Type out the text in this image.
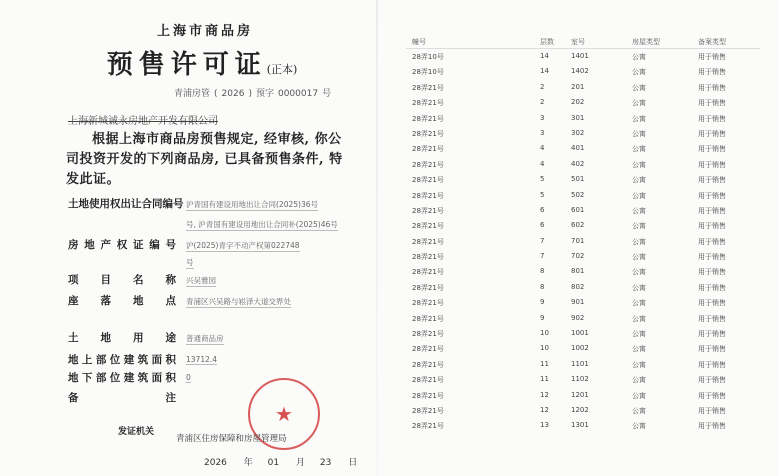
上海市商品房
预售许可证(正本)
青浦房管 ( 2026 ) 预字 0000017 号
上海新城诚永房地产开发有限公司
根据上海市商品房预售规定, 经审核, 你公司投资开发的下列商品房, 已具备预售条件, 特发此证。
土地使用权出让合同编号 沪青国有建设用地出让合同(2025)36号
号, 沪青国有建设用地出让合同补(2025)46号
房地产权证编号 沪(2025)青字不动产权第022748
号
项目名称 兴吴雅园
座落地点 青浦区兴吴路与崧泽大道交界处
土地用途 普通商品房
地上部位建筑面积 13712.4
地下部位建筑面积 0
备注
★
发证机关
青浦区住房保障和房屋管理局
2026 年 01 月 23 日
幢号	层数 室号	房屋类型	备案类型
28弄10号	14	1401	公寓	用于销售
28弄10号	14	1402	公寓	用于销售
28弄21号	2	201	公寓	用于销售
28弄21号	2	202	公寓	用于销售
28弄21号	3	301	公寓	用于销售
28弄21号	3	302	公寓	用于销售
28弄21号	4	401	公寓	用于销售
28弄21号	4	402	公寓	用于销售
28弄21号	5	501	公寓	用于销售
28弄21号	5	502	公寓	用于销售
28弄21号	6	601	公寓	用于销售
28弄21号	6	602	公寓	用于销售
28弄21号	7	701	公寓	用于销售
28弄21号	7	702	公寓	用于销售
28弄21号	8	801	公寓	用于销售
28弄21号	8	802	公寓	用于销售
28弄21号	9	901	公寓	用于销售
28弄21号	9	902	公寓	用于销售
28弄21号	10	1001	公寓	用于销售
28弄21号	10	1002	公寓	用于销售
28弄21号	11	1101	公寓	用于销售
28弄21号	11	1102	公寓	用于销售
28弄21号	12	1201	公寓	用于销售
28弄21号	12	1202	公寓	用于销售
28弄21号	13	1301	公寓	用于销售
